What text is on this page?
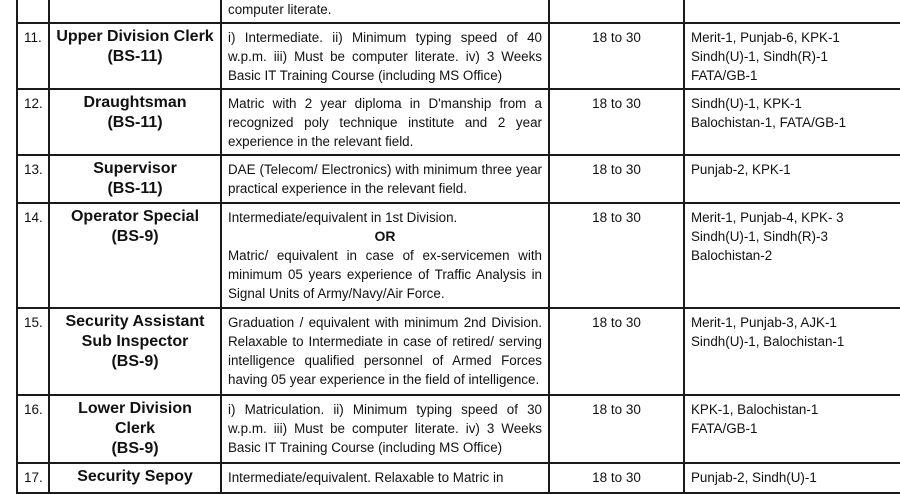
		computer literate.		
11.	Upper Division Clerk
(BS-11)	i) Intermediate. ii) Minimum typing speed of 40 w.p.m. iii) Must be computer literate. iv) 3 Weeks Basic IT Training Course (including MS Office)	18 to 30	Merit-1, Punjab-6, KPK-1
Sindh(U)-1, Sindh(R)-1
FATA/GB-1

12.	Draughtsman
(BS-11)	Matric with 2 year diploma in D'manship from a recognized poly technique institute and 2 year experience in the relevant field.	18 to 30	Sindh(U)-1, KPK-1
Balochistan-1, FATA/GB-1

13.	Supervisor
(BS-11)	DAE (Telecom/ Electronics) with minimum three year practical experience in the relevant field.	18 to 30	Punjab-2, KPK-1

14.	Operator Special
(BS-9)	Intermediate/equivalent in 1st Division.
OR
Matric/ equivalent in case of ex-servicemen with minimum 05 years experience of Traffic Analysis in Signal Units of Army/Navy/Air Force.	18 to 30	Merit-1, Punjab-4, KPK- 3
Sindh(U)-1, Sindh(R)-3
Balochistan-2

15.	Security Assistant Sub Inspector
(BS-9)	Graduation / equivalent with minimum 2nd Division. Relaxable to Intermediate in case of retired/ serving intelligence qualified personnel of Armed Forces having 05 year experience in the field of intelligence.	18 to 30	Merit-1, Punjab-3, AJK-1
Sindh(U)-1, Balochistan-1

16.	Lower Division Clerk
(BS-9)	i) Matriculation. ii) Minimum typing speed of 30 w.p.m. iii) Must be computer literate. iv) 3 Weeks Basic IT Training Course (including MS Office)	18 to 30	KPK-1, Balochistan-1
FATA/GB-1

17.	Security Sepoy	Intermediate/equivalent. Relaxable to Matric in	18 to 30	Punjab-2, Sindh(U)-1
